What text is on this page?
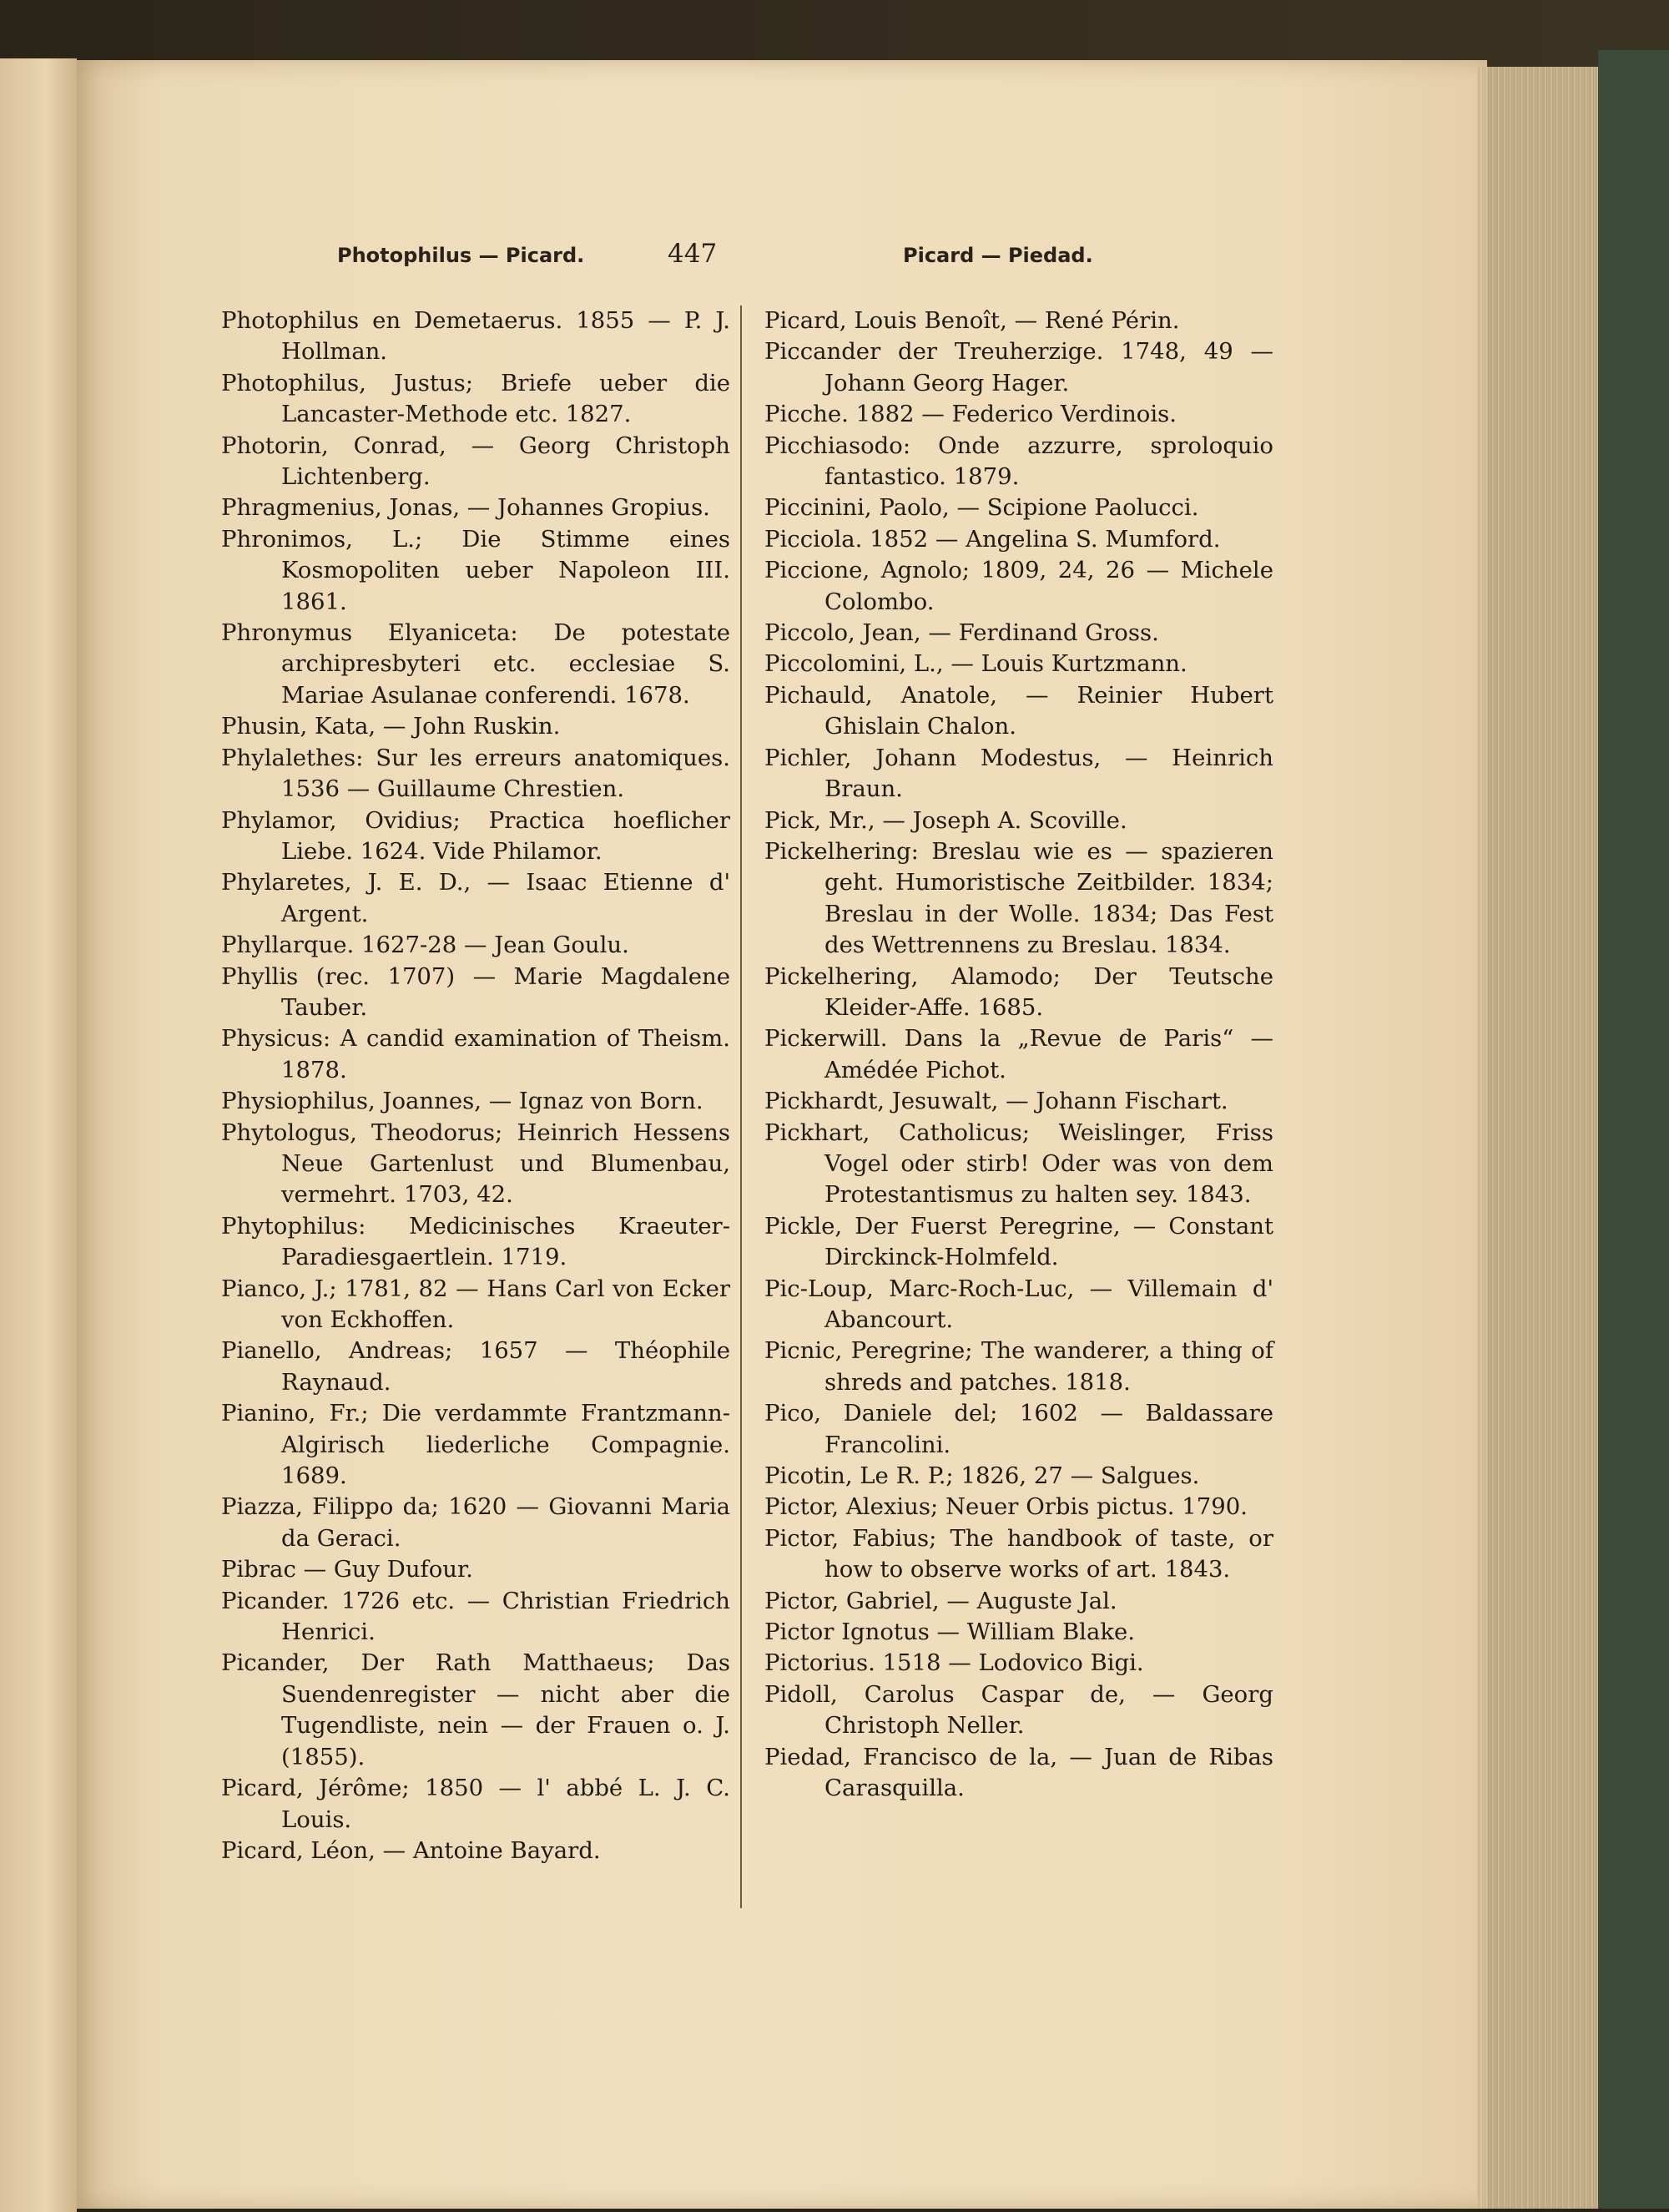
Photophilus — Picard.	447	Picard — Piedad.

Photophilus en Demetaerus. 1855 — P. J. Hollman.

Photophilus, Justus; Briefe ueber die Lancaster-Methode etc. 1827.

Photorin, Conrad, — Georg Christoph Lichtenberg.

Phragmenius, Jonas, — Johannes Gropius.

Phronimos, L.; Die Stimme eines Kosmopoliten ueber Napoleon III. 1861.

Phronymus Elyaniceta: De potestate archipresbyteri etc. ecclesiae S. Mariae Asulanae conferendi. 1678.

Phusin, Kata, — John Ruskin.

Phylalethes: Sur les erreurs anatomiques. 1536 — Guillaume Chrestien.

Phylamor, Ovidius; Practica hoeflicher Liebe. 1624. Vide Philamor.

Phylaretes, J. E. D., — Isaac Etienne d' Argent.

Phyllarque. 1627-28 — Jean Goulu.

Phyllis (rec. 1707) — Marie Magdalene Tauber.

Physicus: A candid examination of Theism. 1878.

Physiophilus, Joannes, — Ignaz von Born.

Phytologus, Theodorus; Heinrich Hessens Neue Gartenlust und Blumenbau, vermehrt. 1703, 42.

Phytophilus: Medicinisches Kraeuter-Paradiesgaertlein. 1719.

Pianco, J.; 1781, 82 — Hans Carl von Ecker von Eckhoffen.

Pianello, Andreas; 1657 — Théophile Raynaud.

Pianino, Fr.; Die verdammte Frantzmann-Algirisch liederliche Compagnie. 1689.

Piazza, Filippo da; 1620 — Giovanni Maria da Geraci.

Pibrac — Guy Dufour.

Picander. 1726 etc. — Christian Friedrich Henrici.

Picander, Der Rath Matthaeus; Das Suendenregister — nicht aber die Tugendliste, nein — der Frauen o. J. (1855).

Picard, Jérôme; 1850 — l' abbé L. J. C. Louis.

Picard, Léon, — Antoine Bayard.

Picard, Louis Benoît, — René Périn.

Piccander der Treuherzige. 1748, 49 — Johann Georg Hager.

Picche. 1882 — Federico Verdinois.

Picchiasodo: Onde azzurre, sproloquio fantastico. 1879.

Piccinini, Paolo, — Scipione Paolucci.

Picciola. 1852 — Angelina S. Mumford.

Piccione, Agnolo; 1809, 24, 26 — Michele Colombo.

Piccolo, Jean, — Ferdinand Gross.

Piccolomini, L., — Louis Kurtzmann.

Pichauld, Anatole, — Reinier Hubert Ghislain Chalon.

Pichler, Johann Modestus, — Heinrich Braun.

Pick, Mr., — Joseph A. Scoville.

Pickelhering: Breslau wie es — spazieren geht. Humoristische Zeitbilder. 1834; Breslau in der Wolle. 1834; Das Fest des Wettrennens zu Breslau. 1834.

Pickelhering, Alamodo; Der Teutsche Kleider-Affe. 1685.

Pickerwill. Dans la „Revue de Paris“ — Amédée Pichot.

Pickhardt, Jesuwalt, — Johann Fischart.

Pickhart, Catholicus; Weislinger, Friss Vogel oder stirb! Oder was von dem Protestantismus zu halten sey. 1843.

Pickle, Der Fuerst Peregrine, — Constant Dirckinck-Holmfeld.

Pic-Loup, Marc-Roch-Luc, — Villemain d' Abancourt.

Picnic, Peregrine; The wanderer, a thing of shreds and patches. 1818.

Pico, Daniele del; 1602 — Baldassare Francolini.

Picotin, Le R. P.; 1826, 27 — Salgues.

Pictor, Alexius; Neuer Orbis pictus. 1790.

Pictor, Fabius; The handbook of taste, or how to observe works of art. 1843.

Pictor, Gabriel, — Auguste Jal.

Pictor Ignotus — William Blake.

Pictorius. 1518 — Lodovico Bigi.

Pidoll, Carolus Caspar de, — Georg Christoph Neller.

Piedad, Francisco de la, — Juan de Ribas Carasquilla.
